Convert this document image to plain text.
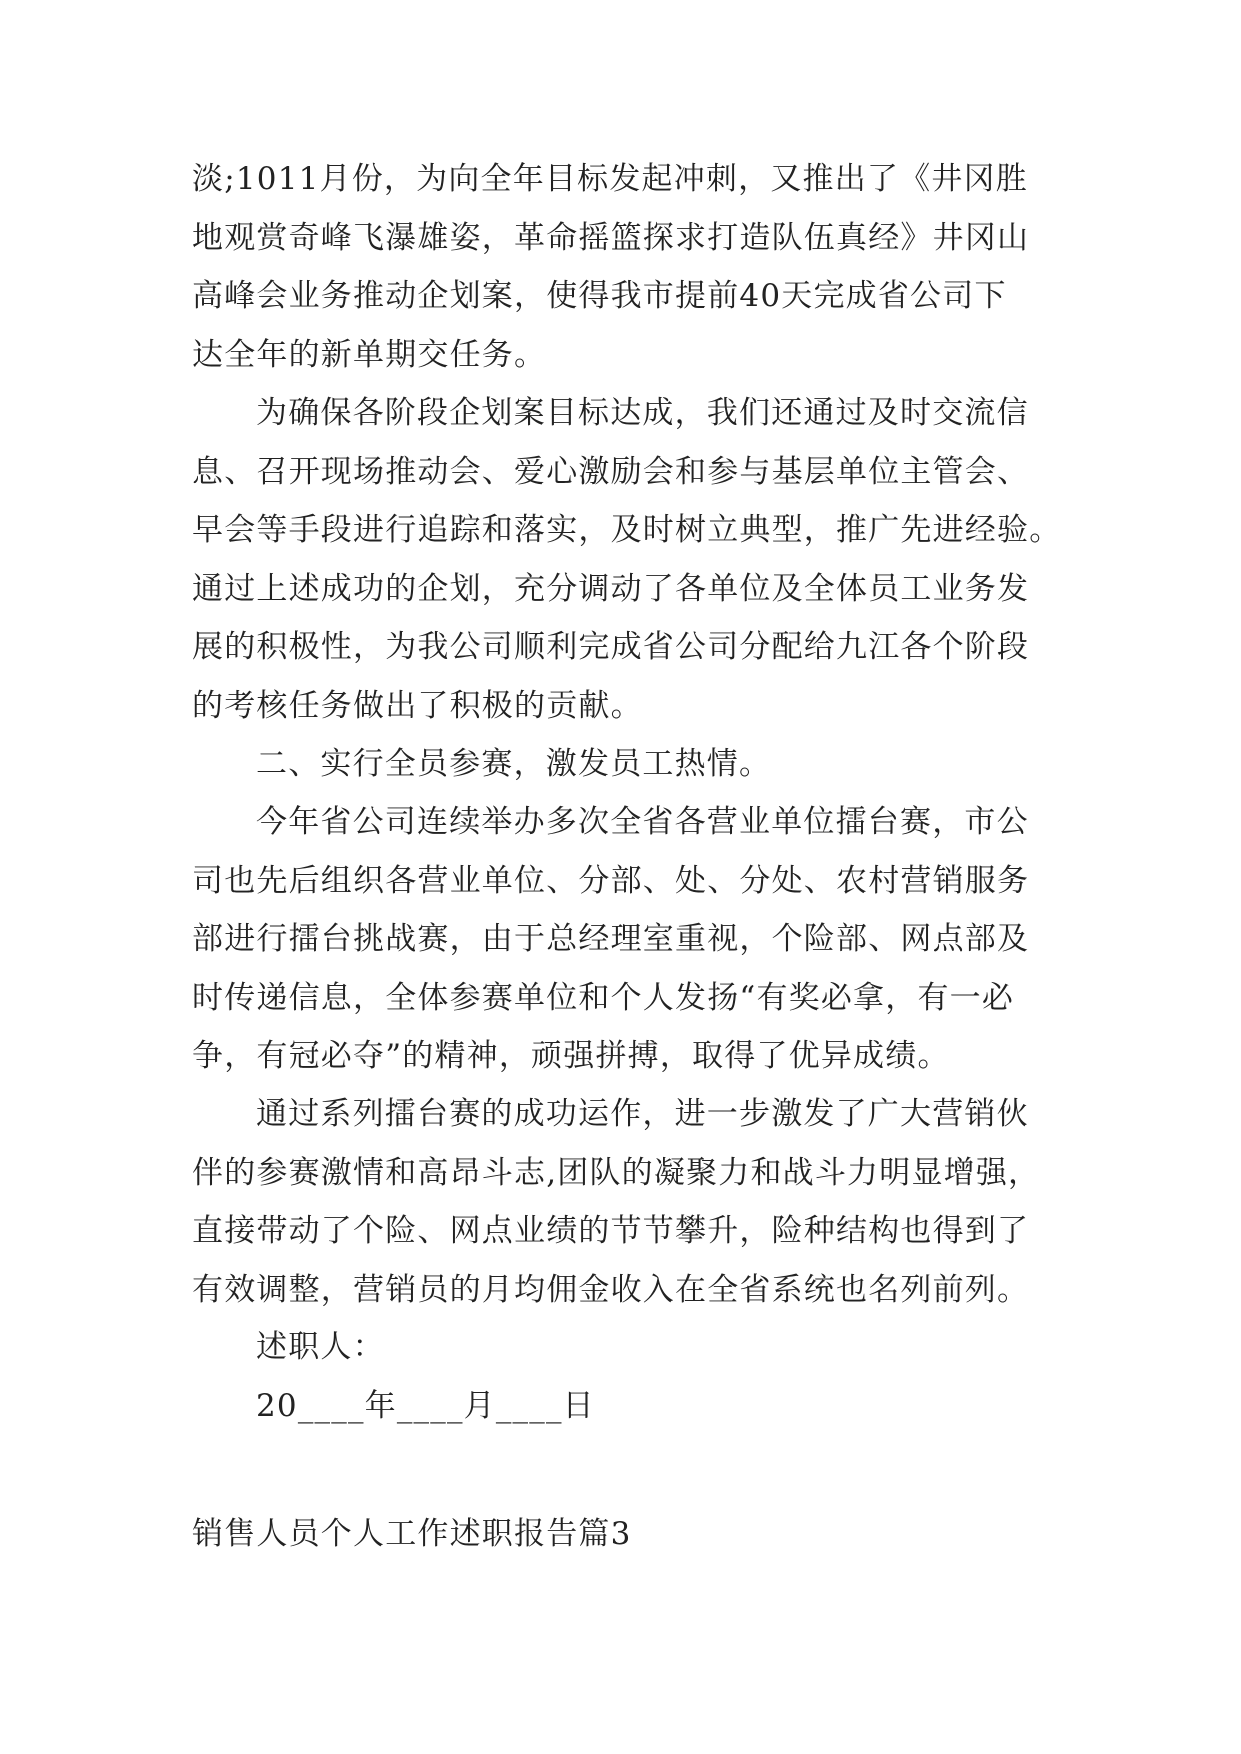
淡;1011月份，为向全年目标发起冲刺，又推出了《井冈胜
地观赏奇峰飞瀑雄姿，革命摇篮探求打造队伍真经》井冈山
高峰会业务推动企划案，使得我市提前40天完成省公司下
达全年的新单期交任务。

为确保各阶段企划案目标达成，我们还通过及时交流信
息、召开现场推动会、爱心激励会和参与基层单位主管会、
早会等手段进行追踪和落实，及时树立典型，推广先进经验。
通过上述成功的企划，充分调动了各单位及全体员工业务发
展的积极性，为我公司顺利完成省公司分配给九江各个阶段
的考核任务做出了积极的贡献。

二、实行全员参赛，激发员工热情。

今年省公司连续举办多次全省各营业单位擂台赛，市公
司也先后组织各营业单位、分部、处、分处、农村营销服务
部进行擂台挑战赛，由于总经理室重视，个险部、网点部及
时传递信息，全体参赛单位和个人发扬“有奖必拿，有一必
争，有冠必夺”的精神，顽强拼搏，取得了优异成绩。

通过系列擂台赛的成功运作，进一步激发了广大营销伙
伴的参赛激情和高昂斗志,团队的凝聚力和战斗力明显增强，
直接带动了个险、网点业绩的节节攀升，险种结构也得到了
有效调整，营销员的月均佣金收入在全省系统也名列前列。

述职人：
20____年____月____日

销售人员个人工作述职报告篇3
